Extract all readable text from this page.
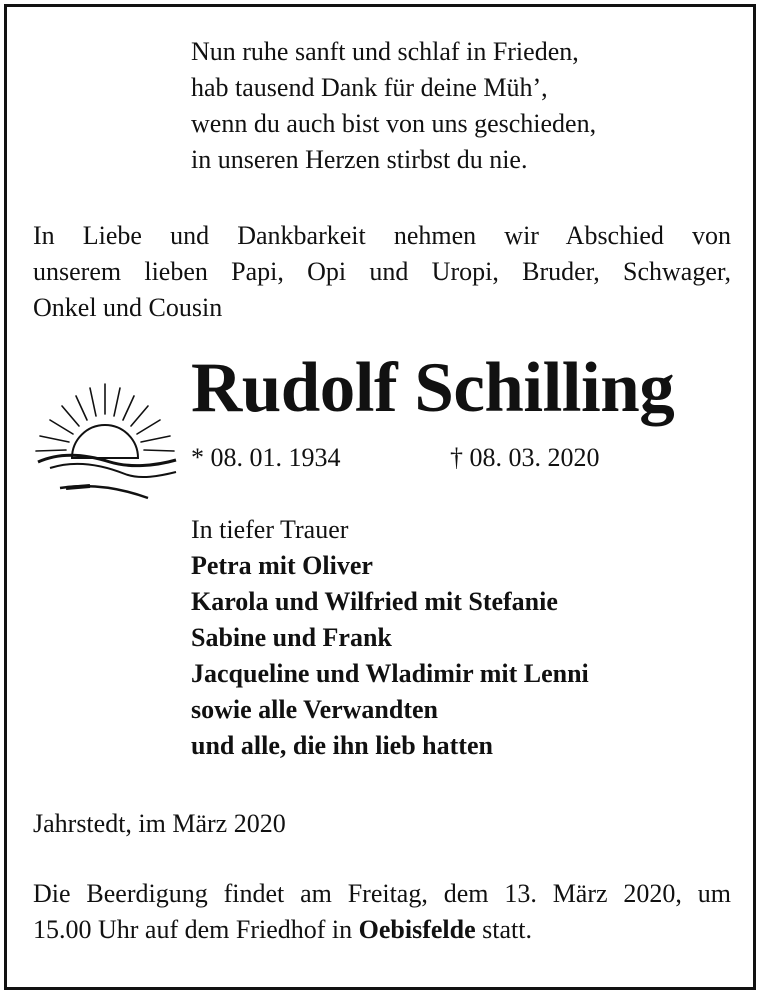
Nun ruhe sanft und schlaf in Frieden,
hab tausend Dank für deine Müh’,
wenn du auch bist von uns geschieden,
in unseren Herzen stirbst du nie.
In Liebe und Dankbarkeit nehmen wir Abschied von
unserem lieben Papi, Opi und Uropi, Bruder, Schwager,
Onkel und Cousin
Rudolf Schilling
* 08. 01. 1934	† 08. 03. 2020
In tiefer Trauer
Petra mit Oliver
Karola und Wilfried mit Stefanie
Sabine und Frank
Jacqueline und Wladimir mit Lenni
sowie alle Verwandten
und alle, die ihn lieb hatten
Jahrstedt, im März 2020
Die Beerdigung findet am Freitag, dem 13. März 2020, um
15.00 Uhr auf dem Friedhof in Oebisfelde statt.
